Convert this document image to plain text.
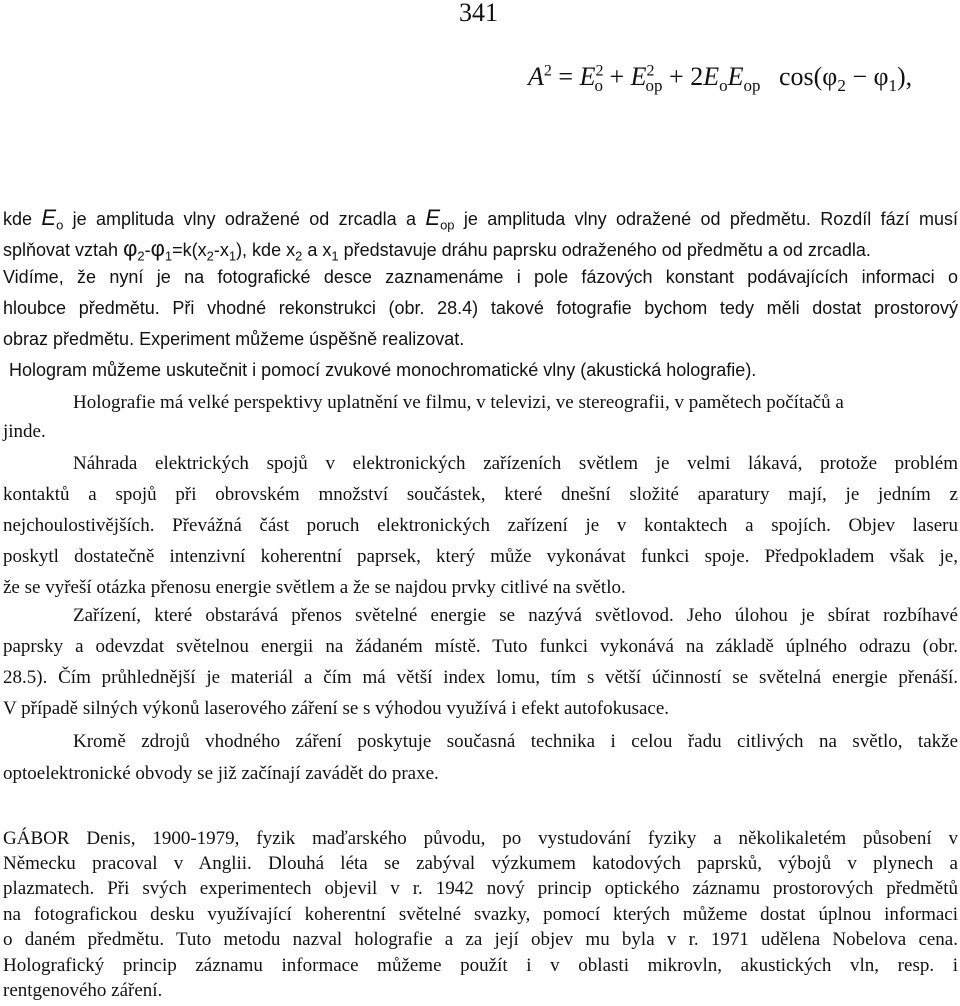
341
$A^2 = E^2_o + E^2_{op} + 2E_oE_{op}$ $\cos(\varphi_2 - \varphi_1)$,
kde $E_o$ je amplituda vlny odražené od zrcadla a $E_{op}$ je amplituda vlny odražené od předmětu. Rozdíl fází musí
splňovat vztah $\varphi_2-\varphi_1=k(x_2-x_1)$, kde $x_2$ a $x_1$ představuje dráhu paprsku odraženého od předmětu a od zrcadla.
Vidíme, že nyní je na fotografické desce zaznamenáme i pole fázových konstant podávajících informaci o
hloubce předmětu. Při vhodné rekonstrukci (obr. 28.4) takové fotografie bychom tedy měli dostat prostorový
obraz předmětu. Experiment můžeme úspěšně realizovat.
Hologram můžeme uskutečnit i pomocí zvukové monochromatické vlny (akustická holografie).
Holografie má velké perspektivy uplatnění ve filmu, v televizi, ve stereografii, v pamětech počítačů a
jinde.
Náhrada elektrických spojů v elektronických zařízeních světlem je velmi lákavá, protože problém
kontaktů a spojů při obrovském množství součástek, které dnešní složité aparatury mají, je jedním z
nejchoulostivějších. Převážná část poruch elektronických zařízení je v kontaktech a spojích. Objev laseru
poskytl dostatečně intenzivní koherentní paprsek, který může vykonávat funkci spoje. Předpokladem však je,
že se vyřeší otázka přenosu energie světlem a že se najdou prvky citlivé na světlo.
Zařízení, které obstarává přenos světelné energie se nazývá světlovod. Jeho úlohou je sbírat rozbíhavé
paprsky a odevzdat světelnou energii na žádaném místě. Tuto funkci vykonává na základě úplného odrazu (obr.
28.5). Čím průhlednější je materiál a čím má větší index lomu, tím s větší účinností se světelná energie přenáší.
V případě silných výkonů laserového záření se s výhodou využívá i efekt autofokusace.
Kromě zdrojů vhodného záření poskytuje současná technika i celou řadu citlivých na světlo, takže
optoelektronické obvody se již začínají zavádět do praxe.
GÁBOR Denis, 1900-1979, fyzik maďarského původu, po vystudování fyziky a několikaletém působení v
Německu pracoval v Anglii. Dlouhá léta se zabýval výzkumem katodových paprsků, výbojů v plynech a
plazmatech. Při svých experimentech objevil v r. 1942 nový princip optického záznamu prostorových předmětů
na fotografickou desku využívající koherentní světelné svazky, pomocí kterých můžeme dostat úplnou informaci
o daném předmětu. Tuto metodu nazval holografie a za její objev mu byla v r. 1971 udělena Nobelova cena.
Holografický princip záznamu informace můžeme použít i v oblasti mikrovln, akustických vln, resp. i
rentgenového záření.
